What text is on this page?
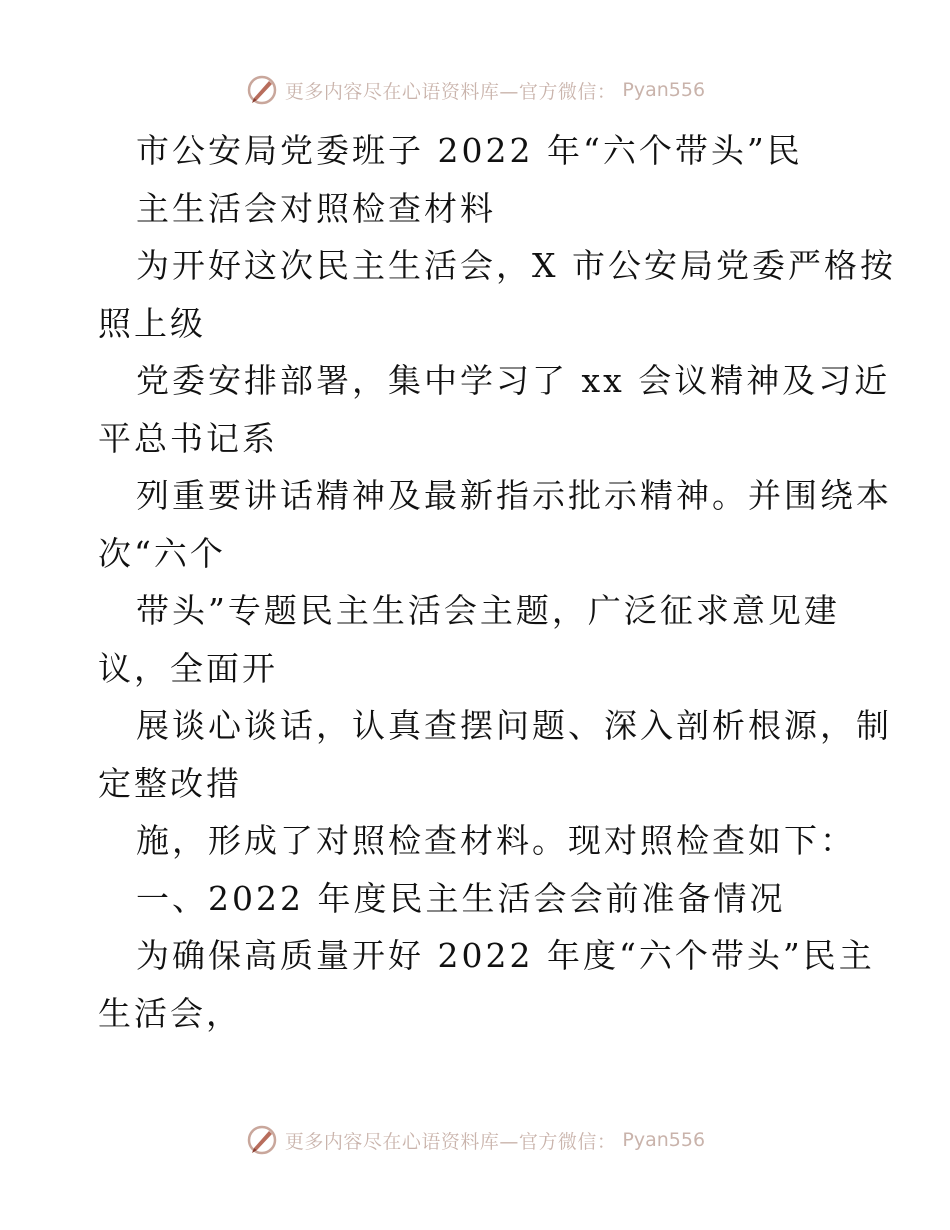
更多内容尽在心语资料库—官方微信： Pyan556
市公安局党委班子 2022 年“六个带头”民
主生活会对照检查材料
为开好这次民主生活会，X 市公安局党委严格按
照上级
党委安排部署，集中学习了 xx 会议精神及习近
平总书记系
列重要讲话精神及最新指示批示精神。并围绕本
次“六个
带头”专题民主生活会主题，广泛征求意见建
议，全面开
展谈心谈话，认真查摆问题、深入剖析根源，制
定整改措
施，形成了对照检查材料。现对照检查如下：
一、2022 年度民主生活会会前准备情况
为确保高质量开好 2022 年度“六个带头”民主
生活会，
更多内容尽在心语资料库—官方微信： Pyan556
